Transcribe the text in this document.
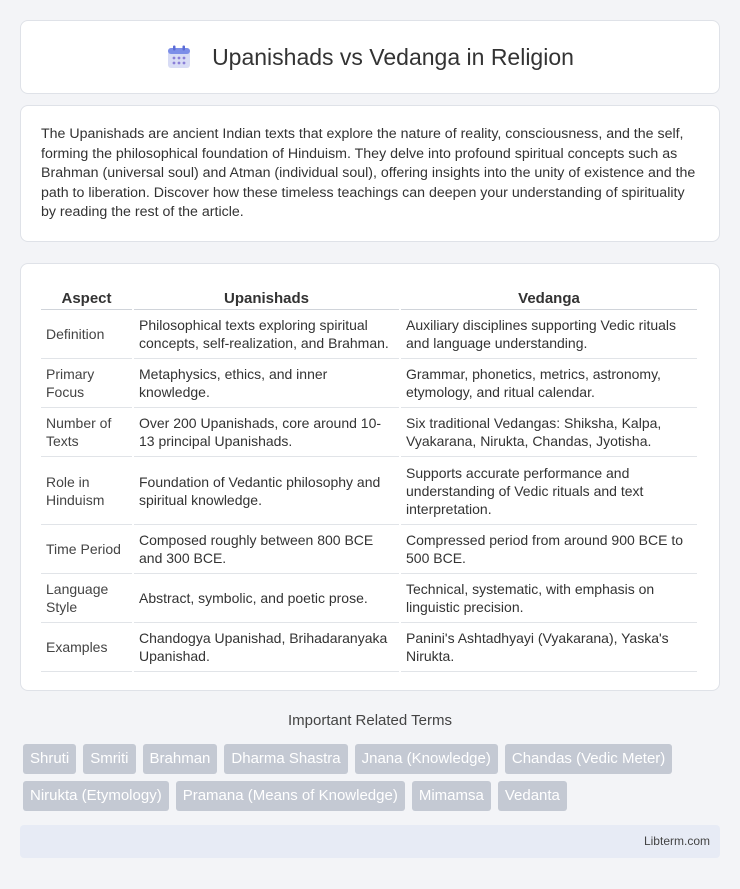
Upanishads vs Vedanga in Religion

The Upanishads are ancient Indian texts that explore the nature of reality, consciousness, and the self, forming the philosophical foundation of Hinduism. They delve into profound spiritual concepts such as Brahman (universal soul) and Atman (individual soul), offering insights into the unity of existence and the path to liberation. Discover how these timeless teachings can deepen your understanding of spirituality by reading the rest of the article.

Aspect	Upanishads	Vedanga
Definition	Philosophical texts exploring spiritual concepts, self-realization, and Brahman.	Auxiliary disciplines supporting Vedic rituals and language understanding.
Primary Focus	Metaphysics, ethics, and inner knowledge.	Grammar, phonetics, metrics, astronomy, etymology, and ritual calendar.
Number of Texts	Over 200 Upanishads, core around 10-13 principal Upanishads.	Six traditional Vedangas: Shiksha, Kalpa, Vyakarana, Nirukta, Chandas, Jyotisha.
Role in Hinduism	Foundation of Vedantic philosophy and spiritual knowledge.	Supports accurate performance and understanding of Vedic rituals and text interpretation.
Time Period	Composed roughly between 800 BCE and 300 BCE.	Compressed period from around 900 BCE to 500 BCE.
Language Style	Abstract, symbolic, and poetic prose.	Technical, systematic, with emphasis on linguistic precision.
Examples	Chandogya Upanishad, Brihadaranyaka Upanishad.	Panini's Ashtadhyayi (Vyakarana), Yaska's Nirukta.
Important Related Terms
Shruti	Smriti	Brahman	Dharma Shastra	Jnana (Knowledge)	Chandas (Vedic Meter)
Nirukta (Etymology)	Pramana (Means of Knowledge)	Mimamsa	Vedanta
Libterm.com
